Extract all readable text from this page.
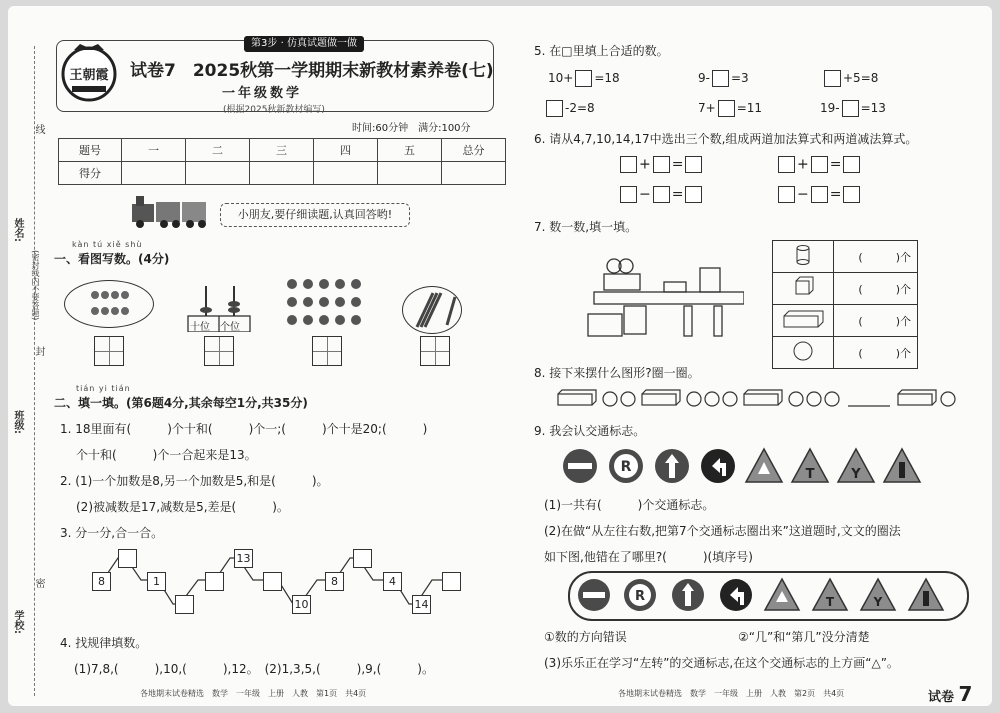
线
姓名:
(密封线内不要答题)
封
班级:
密
学校:
第3步 · 仿真试题做一做
王朝霞 试卷7　2025秋第一学期期末新教材素养卷(七)
一年级数学
(根据2025秋新教材编写)
时间:60分钟　满分:100分
题号	一	二	三	四	五	总分
得分						
小朋友,要仔细读题,认真回答哟!
kàn tú xiě shù
一、看图写数。(4分)
十位 个位
tián yi tián
二、填一填。(第6题4分,其余每空1分,共35分)
1. 18里面有(　　　)个十和(　　　)个一;(　　　)个十是20;(　　　)
个十和(　　　)个一合起来是13。
2. (1)一个加数是8,另一个加数是5,和是(　　　)。
(2)被减数是17,减数是5,差是(　　　)。
3. 分一分,合一合。
8	1
13
10
8	4
14
4. 找规律填数。
(1)7,8,(　　　),10,(　　　),12。　(2)1,3,5,(　　　),9,(　　　)。
5. 在□里填上合适的数。
10+ =18	9- =3	+5=8
-2=8	7+ =11	19- =13
6. 请从4,7,10,14,17中选出三个数,组成两道加法算式和两道减法算式。
+ =	+ =
− =	− =
7. 数一数,填一填。
	(　　　)个
	(　　　)个
	(　　　)个
	(　　　)个
8. 接下来摆什么图形?圈一圈。
9. 我会认交通标志。
R	T	Y
(1)一共有(　　　)个交通标志。
(2)在做“从左往右数,把第7个交通标志圈出来”这道题时,文文的圈法
如下图,他错在了哪里?(　　　)(填序号)
R	T	Y
①数的方向错误	②“几”和“第几”没分清楚
(3)乐乐正在学习“左转”的交通标志,在这个交通标志的上方画“△”。
各地期末试卷精选　数学　一年级　上册　人教　第1页　共4页	各地期末试卷精选　数学　一年级　上册　人教　第2页　共4页	试卷 7
